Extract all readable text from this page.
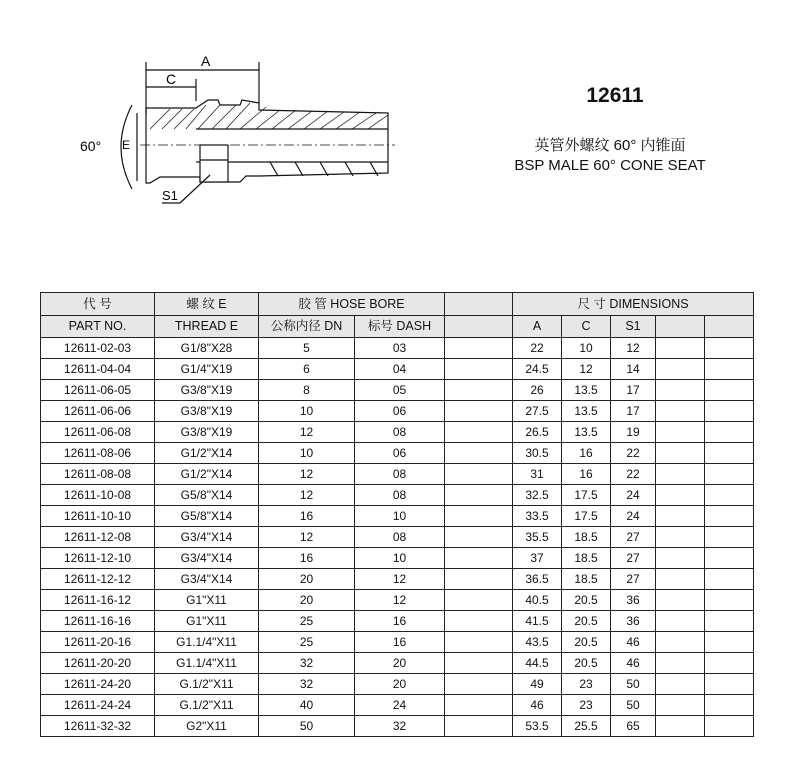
A
C
E
60°
S1
12611
英管外螺纹 60° 内锥面
BSP MALE 60° CONE SEAT
代 号	螺 纹 E	胶 管 HOSE BORE			尺 寸 DIMENSIONS				
PART NO.	THREAD E	公称内径 DN	标号 DASH		A	C	S1		
12611-02-03	G1/8"X28	5	03		22	10	12		
12611-04-04	G1/4"X19	6	04		24.5	12	14		
12611-06-05	G3/8"X19	8	05		26	13.5	17		
12611-06-06	G3/8"X19	10	06		27.5	13.5	17		
12611-06-08	G3/8"X19	12	08		26.5	13.5	19		
12611-08-06	G1/2"X14	10	06		30.5	16	22		
12611-08-08	G1/2"X14	12	08		31	16	22		
12611-10-08	G5/8"X14	12	08		32.5	17.5	24		
12611-10-10	G5/8"X14	16	10		33.5	17.5	24		
12611-12-08	G3/4"X14	12	08		35.5	18.5	27		
12611-12-10	G3/4"X14	16	10		37	18.5	27		
12611-12-12	G3/4"X14	20	12		36.5	18.5	27		
12611-16-12	G1"X11	20	12		40.5	20.5	36		
12611-16-16	G1"X11	25	16		41.5	20.5	36		
12611-20-16	G1.1/4"X11	25	16		43.5	20.5	46		
12611-20-20	G1.1/4"X11	32	20		44.5	20.5	46		
12611-24-20	G.1/2"X11	32	20		49	23	50		
12611-24-24	G.1/2"X11	40	24		46	23	50		
12611-32-32	G2"X11	50	32		53.5	25.5	65		
